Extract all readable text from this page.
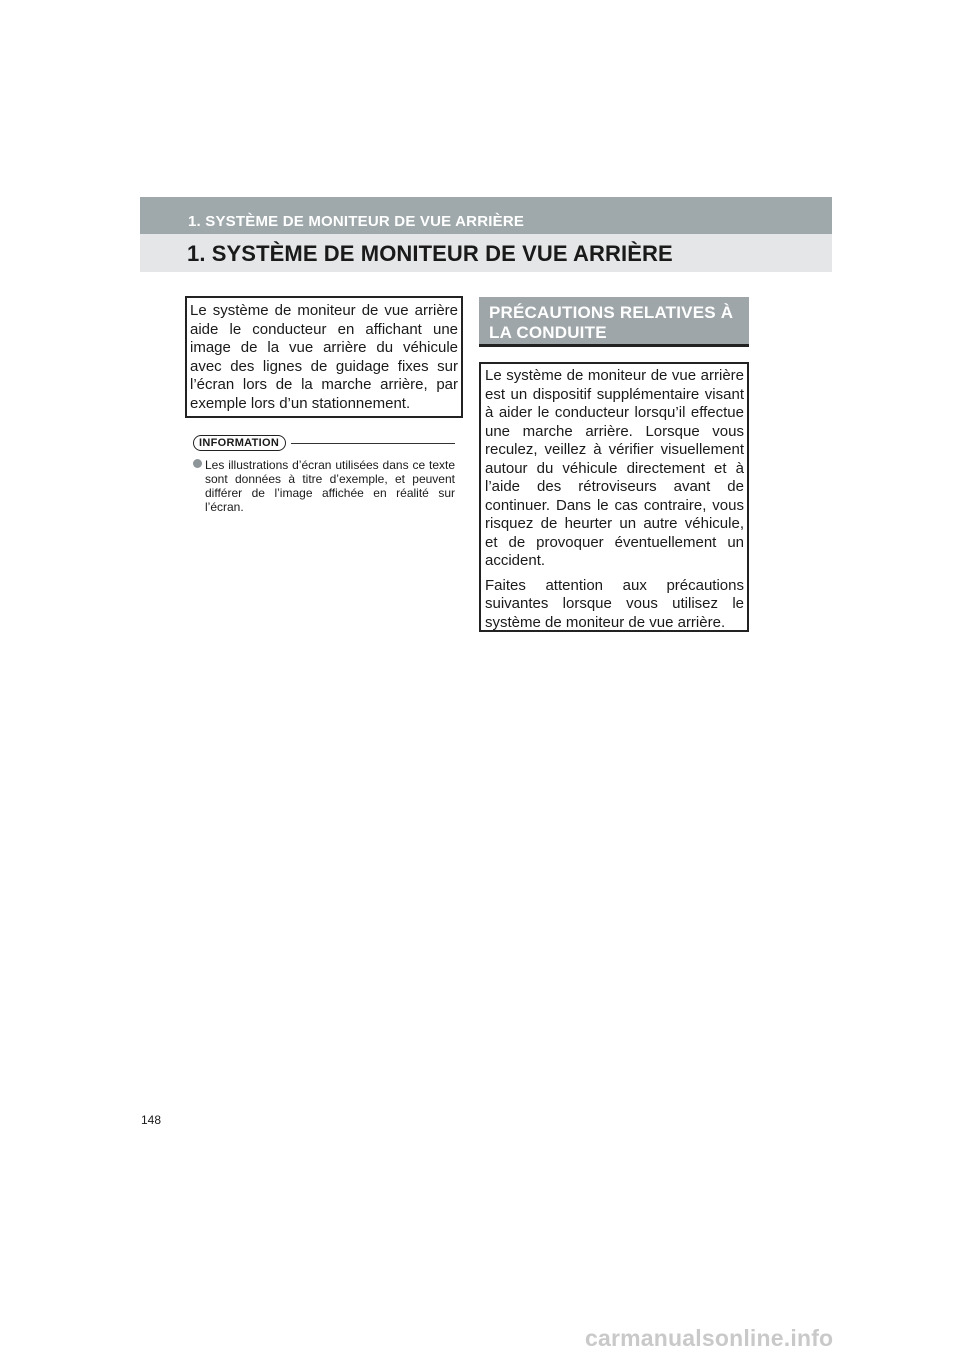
1. SYSTÈME DE MONITEUR DE VUE ARRIÈRE
1. SYSTÈME DE MONITEUR DE VUE ARRIÈRE
Le système de moniteur de vue arrière aide le conducteur en affichant une image de la vue arrière du véhicule avec des lignes de guidage fixes sur l’écran lors de la marche arrière, par exemple lors d’un stationnement.
INFORMATION
Les illustrations d’écran utilisées dans ce texte sont données à titre d’exemple, et peuvent différer de l’image affichée en réalité sur l’écran.
PRÉCAUTIONS RELATIVES À LA CONDUITE

Le système de moniteur de vue arrière est un dispositif supplémentaire visant à aider le conducteur lorsqu’il effectue une marche arrière. Lorsque vous reculez, veillez à vérifier visuellement autour du véhicule directement et à l’aide des rétroviseurs avant de continuer. Dans le cas contraire, vous risquez de heurter un autre véhicule, et de provoquer éventuellement un accident.

Faites attention aux précautions suivantes lorsque vous utilisez le système de moniteur de vue arrière.

148
carmanualsonline.info
